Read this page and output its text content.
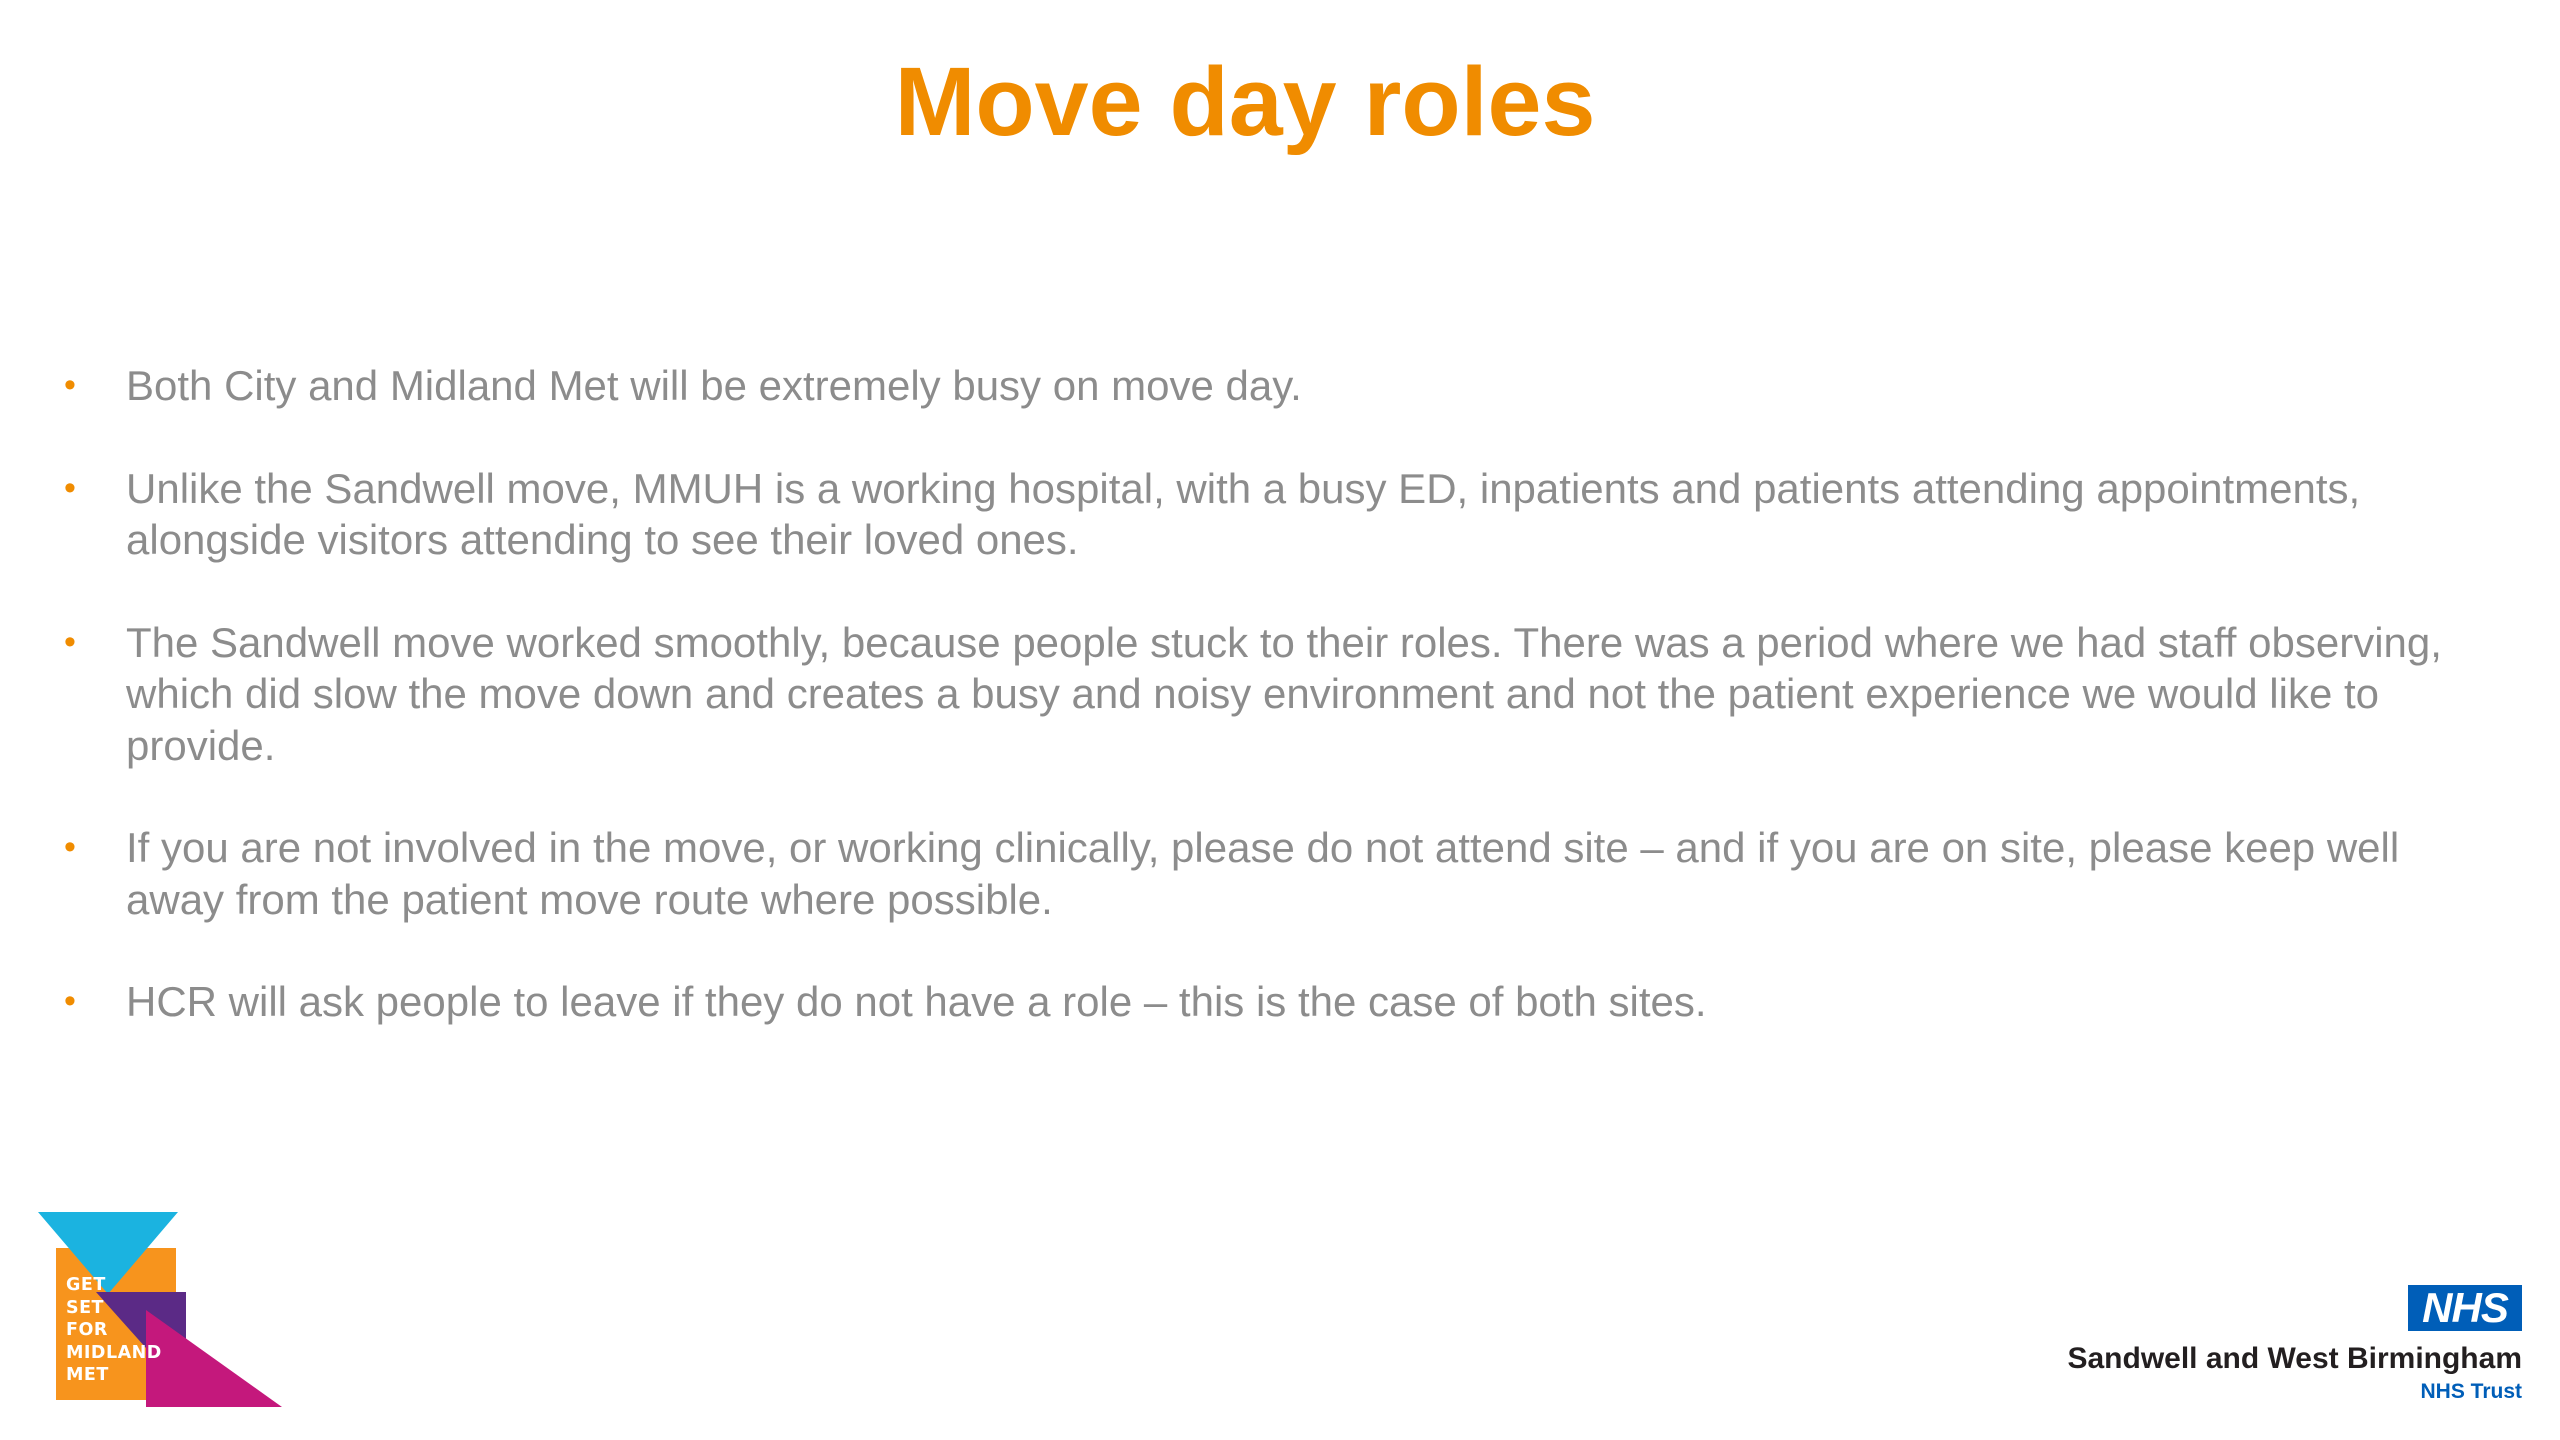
Move day roles
• Both City and Midland Met will be extremely busy on move day.
• Unlike the Sandwell move, MMUH is a working hospital, with a busy ED, inpatients and patients attending appointments, alongside visitors attending to see their loved ones.
• The Sandwell move worked smoothly, because people stuck to their roles. There was a period where we had staff observing, which did slow the move down and creates a busy and noisy environment and not the patient experience we would like to provide.
• If you are not involved in the move, or working clinically, please do not attend site – and if you are on site, please keep well away from the patient move route where possible.
• HCR will ask people to leave if they do not have a role – this is the case of both sites.
GET
SET
FOR
MIDLAND
MET
NHS
Sandwell and West Birmingham
NHS Trust
